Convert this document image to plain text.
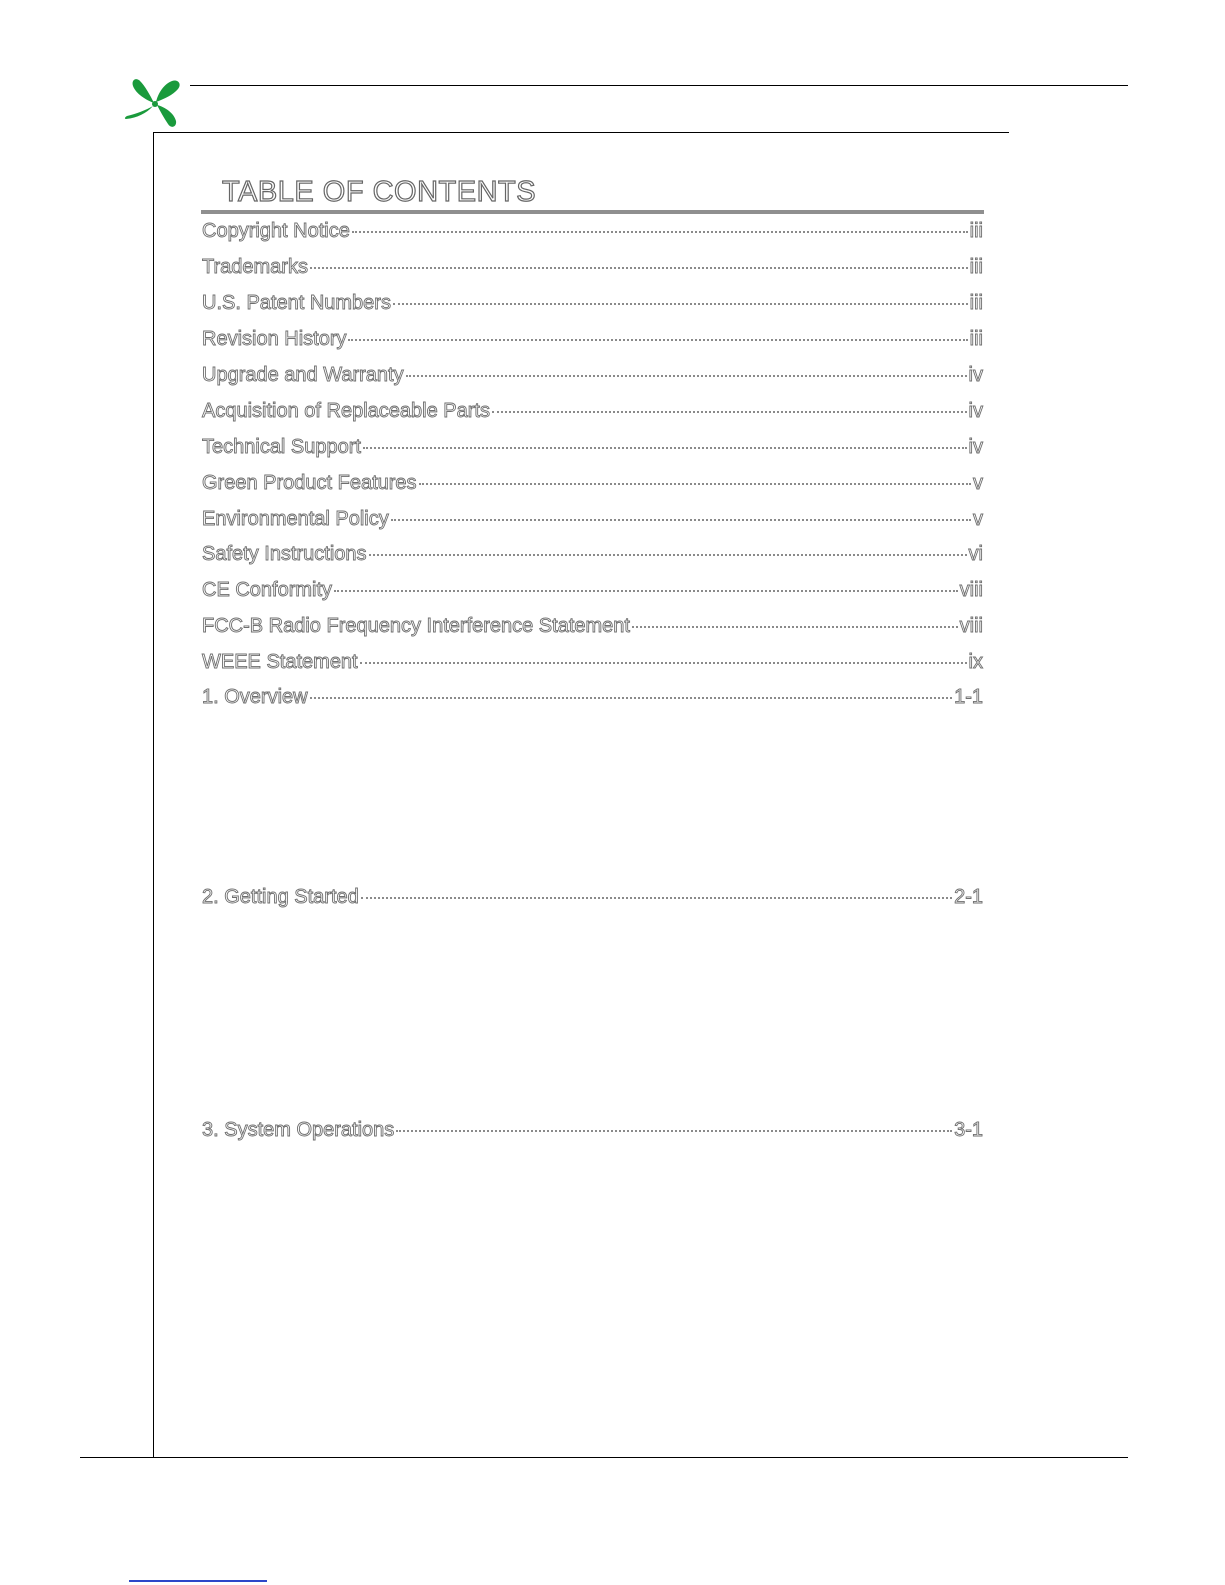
TABLE OF CONTENTS
Copyright Notice	iii
Trademarks	iii
U.S. Patent Numbers	iii
Revision History	iii
Upgrade and Warranty	iv
Acquisition of Replaceable Parts	iv
Technical Support	iv
Green Product Features	v
Environmental Policy	v
Safety Instructions	vi
CE Conformity	viii
FCC-B Radio Frequency Interference Statement	viii
WEEE Statement	ix
1. Overview	1-1
2. Getting Started	2-1
3. System Operations	3-1
